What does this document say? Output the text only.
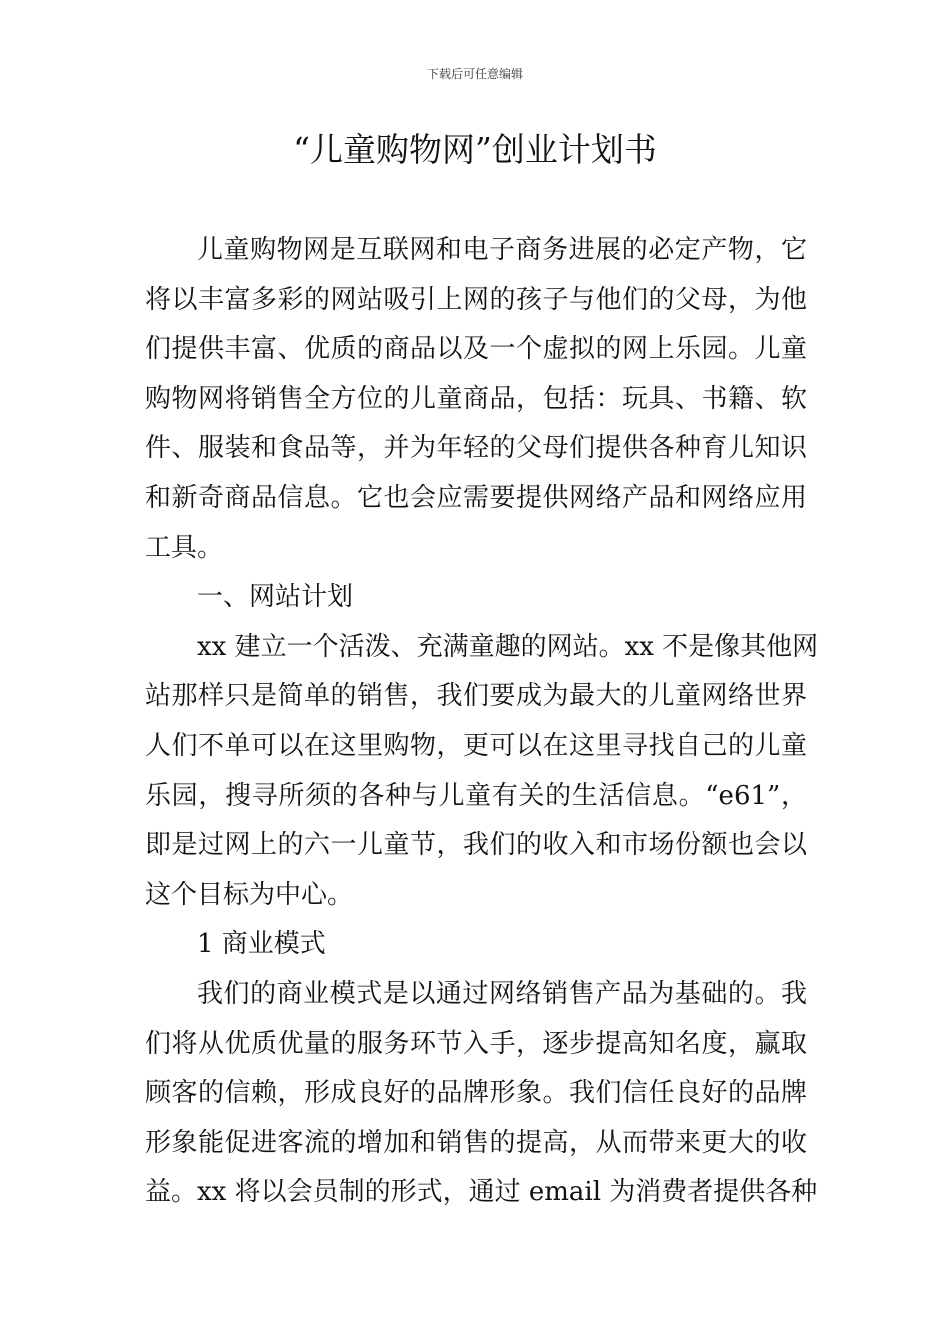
下载后可任意编辑
“儿童购物网”创业计划书
儿童购物网是互联网和电子商务进展的必定产物，它
将以丰富多彩的网站吸引上网的孩子与他们的父母，为他
们提供丰富、优质的商品以及一个虚拟的网上乐园。儿童
购物网将销售全方位的儿童商品，包括：玩具、书籍、软
件、服装和食品等，并为年轻的父母们提供各种育儿知识
和新奇商品信息。它也会应需要提供网络产品和网络应用
工具。
一、网站计划
xx 建立一个活泼、充满童趣的网站。xx 不是像其他网
站那样只是简单的销售，我们要成为最大的儿童网络世界
人们不单可以在这里购物，更可以在这里寻找自己的儿童
乐园，搜寻所须的各种与儿童有关的生活信息。“e61”，
即是过网上的六一儿童节，我们的收入和市场份额也会以
这个目标为中心。
1 商业模式
我们的商业模式是以通过网络销售产品为基础的。我
们将从优质优量的服务环节入手，逐步提高知名度，赢取
顾客的信赖，形成良好的品牌形象。我们信任良好的品牌
形象能促进客流的增加和销售的提高，从而带来更大的收
益。xx 将以会员制的形式，通过 email 为消费者提供各种
